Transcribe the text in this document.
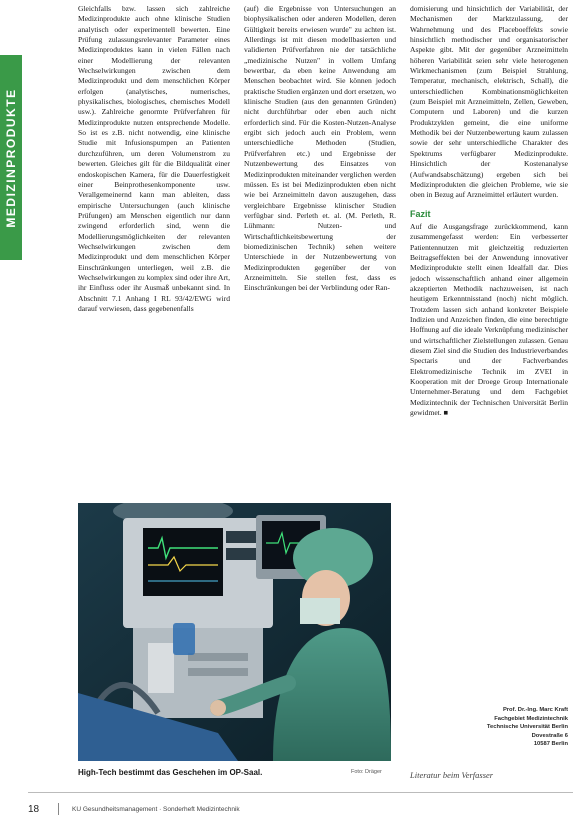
MEDIZINPRODUKTE

Gleichfalls bzw. lassen sich zahlreiche Medizinprodukte auch ohne klinische Studien analytisch oder experimentell bewerten. Eine Prüfung zulassungsrelevanter Parameter eines Medizinproduktes kann in vielen Fällen nach einer Modellierung der relevanten Wechselwirkungen zwischen dem Medizinprodukt und dem menschlichen Körper erfolgen (analytisches, numerisches, physikalisches, biologisches, chemisches Modell usw.). Zahlreiche genormte Prüfverfahren für Medizinprodukte nutzen entsprechende Modelle. So ist es z.B. nicht notwendig, eine klinische Studie mit Infusionspumpen an Patienten durchzuführen, um deren Volumenstrom zu bewerten. Gleiches gilt für die Bildqualität einer endoskopischen Kamera, für die Dauerfestigkeit einer Beinprothesenkomponente usw. Verallgemeinernd kann man ableiten, dass empirische Untersuchungen (auch klinische Prüfungen) am Menschen eigentlich nur dann zwingend erforderlich sind, wenn die Modellierungsmöglichkeiten der relevanten Wechselwirkungen zwischen dem Medizinprodukt und dem menschlichen Körper Einschränkungen unterliegen, weil z.B. die Wechselwirkungen zu komplex sind oder ihre Art, ihr Einfluss oder ihr Ausmaß unbekannt sind. In Abschnitt 7.1 Anhang I RL 93/42/EWG wird darauf verwiesen, dass gegebenenfalls

(auf) die Ergebnisse von Untersuchungen an biophysikalischen oder anderen Modellen, deren Gültigkeit bereits erwiesen wurde" zu achten ist. Allerdings ist mit diesen modellbasierten und validierten Prüfverfahren nie der tatsächliche „medizinische Nutzen" in vollem Umfang bewertbar, da eben keine Anwendung am Menschen beobachtet wird. Sie können jedoch praktische Studien ergänzen und dort ersetzen, wo klinische Studien (aus den genannten Gründen) nicht durchführbar oder eben auch nicht erforderlich sind. Für die Kosten-Nutzen-Analyse ergibt sich jedoch auch ein Problem, wenn unterschiedliche Methoden (Studien, Prüfverfahren etc.) und Ergebnisse der Nutzenbewertung des Einsatzes von Medizinprodukten miteinander verglichen werden müssen. Es ist bei Medizinprodukten eben nicht wie bei Arzneimitteln davon auszugehen, dass vergleichbare Ergebnisse klinischer Studien verfügbar sind. Perleth et. al. (M. Perleth, R. Lühmann: Nutzen- und Wirtschaftlichkeitsbewertung der biomedizinischen Technik) sehen weitere Unterschiede in der Nutzenbewertung von Medizinprodukten gegenüber der von Arzneimitteln. Sie stellen fest, dass es Einschränkungen bei der Verblindung oder Ran-

domisierung und hinsichtlich der Variabilität, der Mechanismen der Marktzulassung, der Wahrnehmung und des Placeboeffekts sowie hinsichtlich methodischer und organisatorischer Aspekte gibt. Mit der gegenüber Arzneimitteln höheren Variabilität seien sehr viele heterogenen Wirkmechanismen (zum Beispiel Strahlung, Temperatur, mechanisch, elektrisch, Schall), die unterschiedlichen Kombinationsmöglichkeiten (zum Beispiel mit Arzneimitteln, Zellen, Geweben, Computern und Laboren) und die kurzen Produktzyklen gemeint, die eine uniforme Methodik bei der Nutzenbewertung kaum zulassen sowie der sehr unterschiedliche Charakter des Spektrums verfügbarer Medizinprodukte. Hinsichtlich der Kostenanalyse (Aufwandsabschätzung) ergeben sich bei Medizinprodukten die gleichen Probleme, wie sie oben in Bezug auf Arzneimittel erläutert wurden.

Fazit

Auf die Ausgangsfrage zurückkommend, kann zusammengefasst werden: Ein verbesserter Patientennutzen mit gleichzeitig reduzierten Beitragseffekten bei der Anwendung innovativer Medizinprodukte stellt einen Idealfall dar. Dies jedoch wissenschaftlich anhand einer allgemein akzeptierten Methodik nachzuweisen, ist nach heutigem Erkenntnisstand (noch) nicht möglich. Trotzdem lassen sich anhand konkreter Beispiele Indizien und Anzeichen finden, die eine berechtigte Hoffnung auf die ideale Verknüpfung medizinischer und wirtschaftlicher Zielstellungen zulassen. Genau diesem Ziel sind die Studien des Industrieverbandes Spectaris und der Fachverbandes Elektromedizinische Technik im ZVEI in Kooperation mit der Droege Group Internationale Unternehmer-Beratung und dem Fachgebiet Medizintechnik der Technischen Universität Berlin gewidmet. ■

Prof. Dr.-Ing. Marc Kraft
Fachgebiet Medizintechnik
Technische Universität Berlin
Dovestraße 6
10587 Berlin
Literatur beim Verfasser
High-Tech bestimmt das Geschehen im OP-Saal.	Foto: Dräger
18	KU Gesundheitsmanagement · Sonderheft Medizintechnik
